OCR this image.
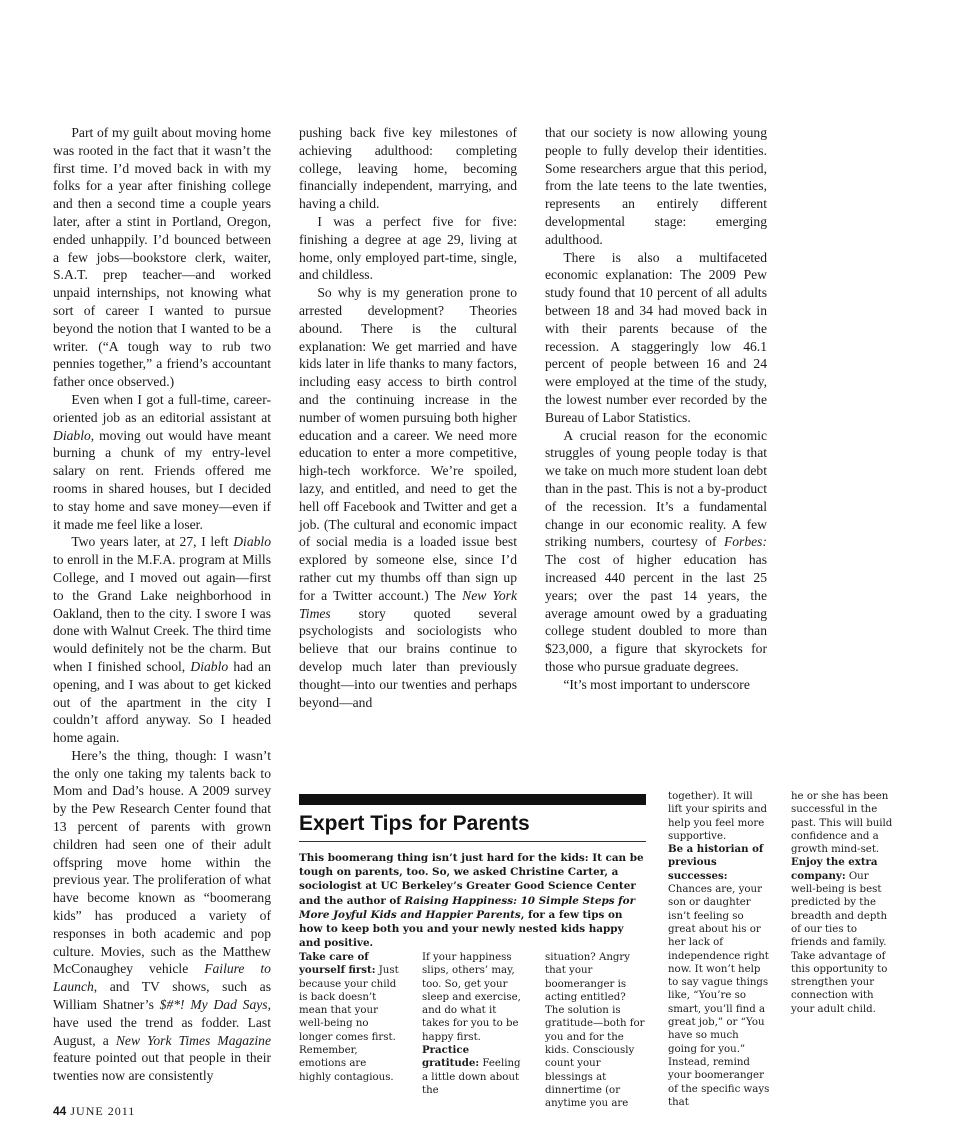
Part of my guilt about moving home was rooted in the fact that it wasn’t the first time. I’d moved back in with my folks for a year after finishing college and then a second time a couple years later, after a stint in Portland, Oregon, ended unhappily. I’d bounced between a few jobs—bookstore clerk, waiter, S.A.T. prep teacher—and worked unpaid internships, not knowing what sort of career I wanted to pursue beyond the notion that I wanted to be a writer. (“A tough way to rub two pennies together,” a friend’s accountant father once observed.)

Even when I got a full-time, career-oriented job as an editorial assistant at Diablo, moving out would have meant burning a chunk of my entry-level salary on rent. Friends offered me rooms in shared houses, but I decided to stay home and save money—even if it made me feel like a loser.

Two years later, at 27, I left Diablo to enroll in the M.F.A. program at Mills College, and I moved out again—first to the Grand Lake neighborhood in Oakland, then to the city. I swore I was done with Walnut Creek. The third time would definitely not be the charm. But when I finished school, Diablo had an opening, and I was about to get kicked out of the apartment in the city I couldn’t afford anyway. So I headed home again.

Here’s the thing, though: I wasn’t the only one taking my talents back to Mom and Dad’s house. A 2009 survey by the Pew Research Center found that 13 percent of parents with grown children had seen one of their adult offspring move home within the previous year. The proliferation of what have become known as “boomerang kids” has produced a variety of responses in both academic and pop culture. Movies, such as the Matthew McConaughey vehicle Failure to Launch, and TV shows, such as William Shatner’s $#*! My Dad Says, have used the trend as fodder. Last August, a New York Times Magazine feature pointed out that people in their twenties now are consistently

pushing back five key milestones of achieving adulthood: completing college, leaving home, becoming financially independent, marrying, and having a child.

I was a perfect five for five: finishing a degree at age 29, living at home, only employed part-time, single, and childless.

So why is my generation prone to arrested development? Theories abound. There is the cultural explanation: We get married and have kids later in life thanks to many factors, including easy access to birth control and the continuing increase in the number of women pursuing both higher education and a career. We need more education to enter a more competitive, high-tech workforce. We’re spoiled, lazy, and entitled, and need to get the hell off Facebook and Twitter and get a job. (The cultural and economic impact of social media is a loaded issue best explored by someone else, since I’d rather cut my thumbs off than sign up for a Twitter account.) The New York Times story quoted several psychologists and sociologists who believe that our brains continue to develop much later than previously thought—into our twenties and perhaps beyond—and

that our society is now allowing young people to fully develop their identities. Some researchers argue that this period, from the late teens to the late twenties, represents an entirely different developmental stage: emerging adulthood.

There is also a multifaceted economic explanation: The 2009 Pew study found that 10 percent of all adults between 18 and 34 had moved back in with their parents because of the recession. A staggeringly low 46.1 percent of people between 16 and 24 were employed at the time of the study, the lowest number ever recorded by the Bureau of Labor Statistics.

A crucial reason for the economic struggles of young people today is that we take on much more student loan debt than in the past. This is not a by-product of the recession. It’s a fundamental change in our economic reality. A few striking numbers, courtesy of Forbes: The cost of higher education has increased 440 percent in the last 25 years; over the past 14 years, the average amount owed by a graduating college student doubled to more than $23,000, a figure that skyrockets for those who pursue graduate degrees.

“It’s most important to underscore

Expert Tips for Parents
This boomerang thing isn’t just hard for the kids: It can be tough on parents, too. So, we asked Christine Carter, a sociologist at UC Berkeley’s Greater Good Science Center and the author of Raising Happiness: 10 Simple Steps for More Joyful Kids and Happier Parents, for a few tips on how to keep both you and your newly nested kids happy and positive.

Take care of yourself first: Just because your child is back doesn’t mean that your well-being no longer comes first. Remember, emotions are highly contagious.

If your happiness slips, others’ may, too. So, get your sleep and exercise, and do what it takes for you to be happy first.

Practice gratitude: Feeling a little down about the

situation? Angry that your boomeranger is acting entitled? The solution is gratitude—both for you and for the kids. Consciously count your blessings at dinnertime (or anytime you are

together). It will lift your spirits and help you feel more supportive.

Be a historian of previous successes: Chances are, your son or daughter isn’t feeling so great about his or her lack of independence right now. It won’t help to say vague things like, “You’re so smart, you’ll find a great job,” or “You have so much going for you.” Instead, remind your boomeranger of the specific ways that

he or she has been successful in the past. This will build confidence and a growth mind-set.

Enjoy the extra company: Our well-being is best predicted by the breadth and depth of our ties to friends and family. Take advantage of this opportunity to strengthen your connection with your adult child.

44 JUNE 2011
